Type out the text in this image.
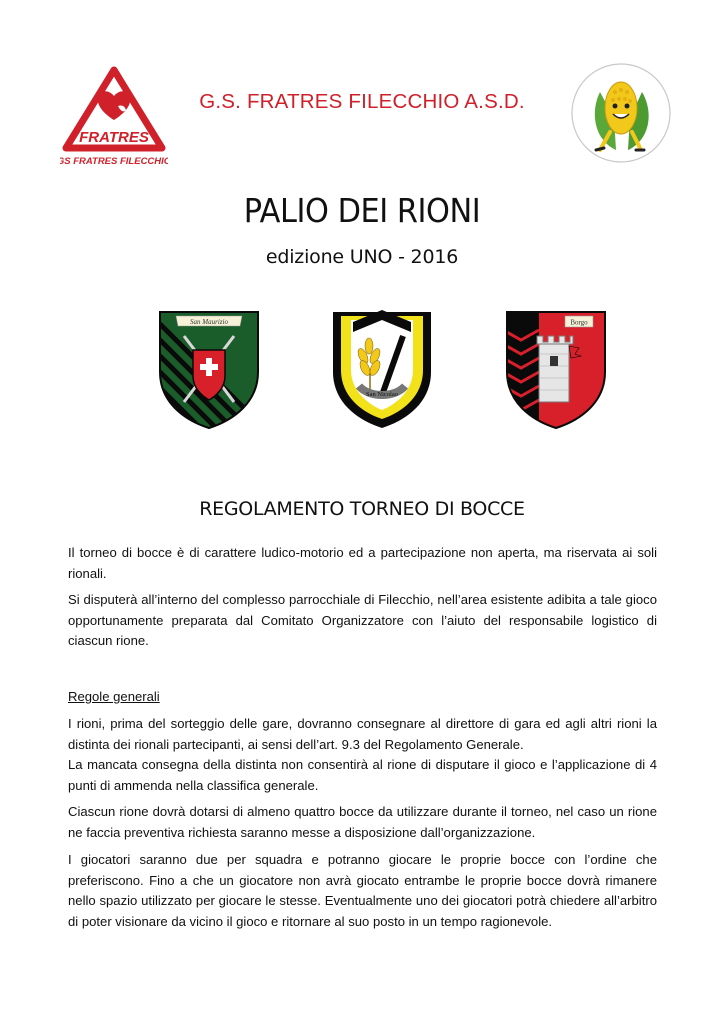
FRATRES
GS FRATRES FILECCHIO
G.S. FRATRES FILECCHIO A.S.D.
PALIO DEI RIONI
edizione UNO - 2016
San Maurizio
San Nicolao
Borgo
REGOLAMENTO TORNEO DI BOCCE

Il torneo di bocce è di carattere ludico-motorio ed a partecipazione non aperta, ma riservata ai soli rionali.

Si disputerà all’interno del complesso parrocchiale di Filecchio, nell’area esistente adibita a tale gioco opportunamente preparata dal Comitato Organizzatore con l’aiuto del responsabile logistico di ciascun rione.

Regole generali
I rioni, prima del sorteggio delle gare, dovranno consegnare al direttore di gara ed agli altri rioni la distinta dei rionali partecipanti, ai sensi dell’art. 9.3 del Regolamento Generale.
La mancata consegna della distinta non consentirà al rione di disputare il gioco e l’applicazione di 4 punti di ammenda nella classifica generale.

Ciascun rione dovrà dotarsi di almeno quattro bocce da utilizzare durante il torneo, nel caso un rione ne faccia preventiva richiesta saranno messe a disposizione dall’organizzazione.

I giocatori saranno due per squadra e potranno giocare le proprie bocce con l’ordine che preferiscono. Fino a che un giocatore non avrà giocato entrambe le proprie bocce dovrà rimanere nello spazio utilizzato per giocare le stesse. Eventualmente uno dei giocatori potrà chiedere all’arbitro di poter visionare da vicino il gioco e ritornare al suo posto in un tempo ragionevole.
